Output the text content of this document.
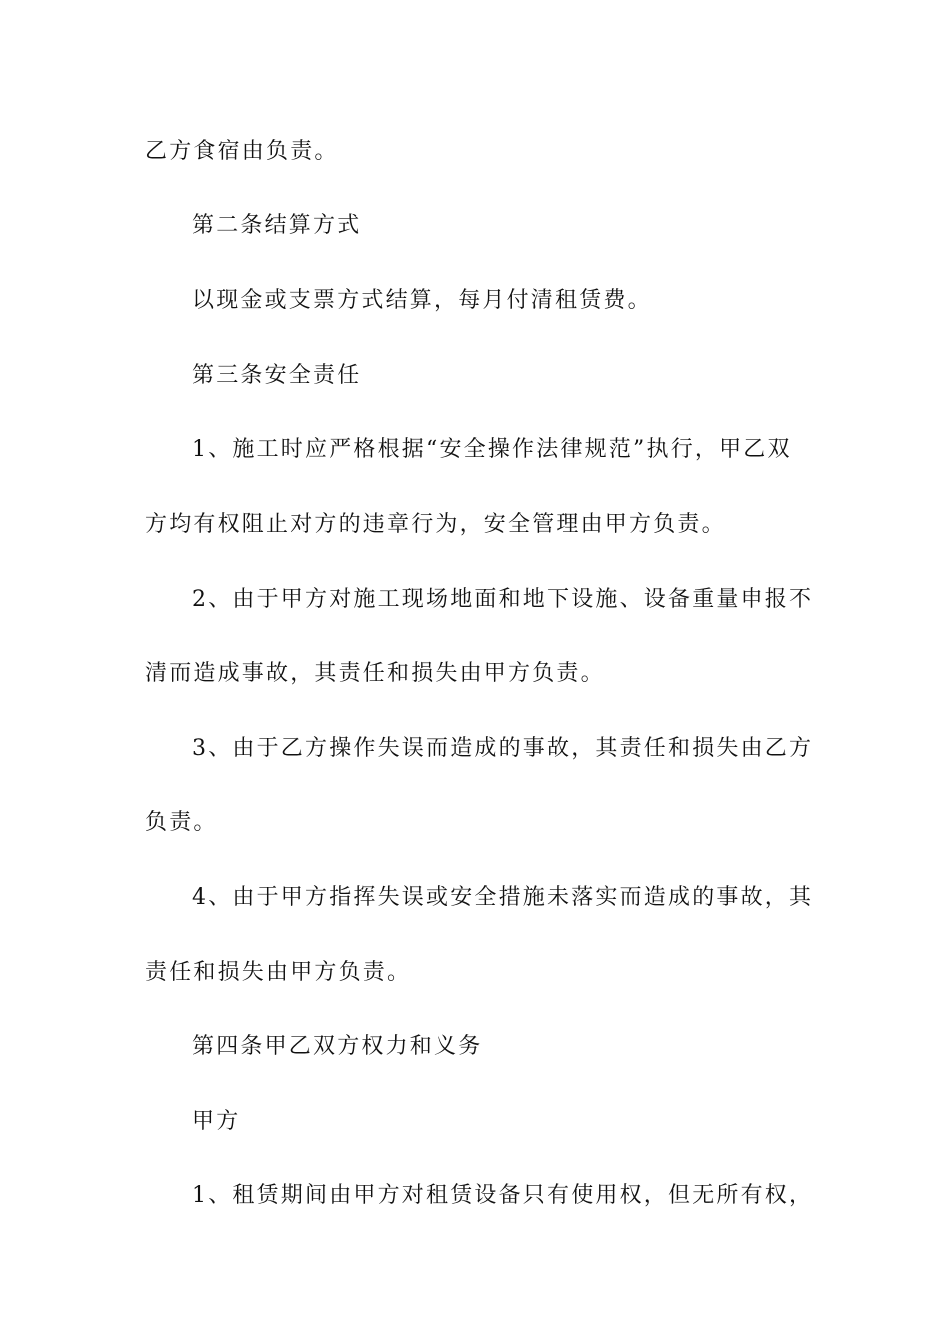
乙方食宿由负责。
第二条结算方式
以现金或支票方式结算，每月付清租赁费。
第三条安全责任
1、施工时应严格根据“安全操作法律规范”执行，甲乙双
方均有权阻止对方的违章行为，安全管理由甲方负责。
2、由于甲方对施工现场地面和地下设施、设备重量申报不
清而造成事故，其责任和损失由甲方负责。
3、由于乙方操作失误而造成的事故，其责任和损失由乙方
负责。
4、由于甲方指挥失误或安全措施未落实而造成的事故，其
责任和损失由甲方负责。
第四条甲乙双方权力和义务
甲方
1、租赁期间由甲方对租赁设备只有使用权，但无所有权，
